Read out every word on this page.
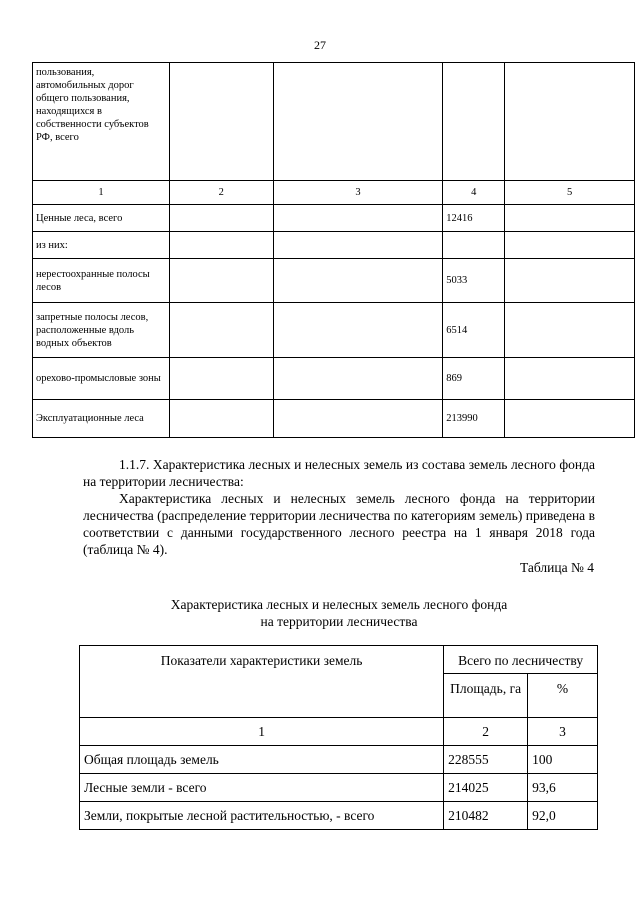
27
пользования, автомобильных дорог общего пользования, находящихся в собственности субъектов РФ, всего				
1	2	3	4	5
Ценные леса, всего			12416	
из них:				
нерестоохранные полосы лесов			5033	
запретные полосы лесов, расположенные вдоль водных объектов			6514	
орехово-промысловые зоны			869	
Эксплуатационные леса			213990	

1.1.7. Характеристика лесных и нелесных земель из состава земель лесного фонда на территории лесничества:

Характеристика лесных и нелесных земель лесного фонда на территории лесничества (распределение территории лесничества по категориям земель) приведена в соответствии с данными государственного лесного реестра на 1 января 2018 года (таблица № 4).

Таблица № 4
Характеристика лесных и нелесных земель лесного фонда
на территории лесничества
Показатели характеристики земель	Всего по лесничеству	
	Площадь, га	%
1	2	3
Общая площадь земель	228555	100
Лесные земли - всего	214025	93,6
Земли, покрытые лесной растительностью, - всего	210482	92,0
